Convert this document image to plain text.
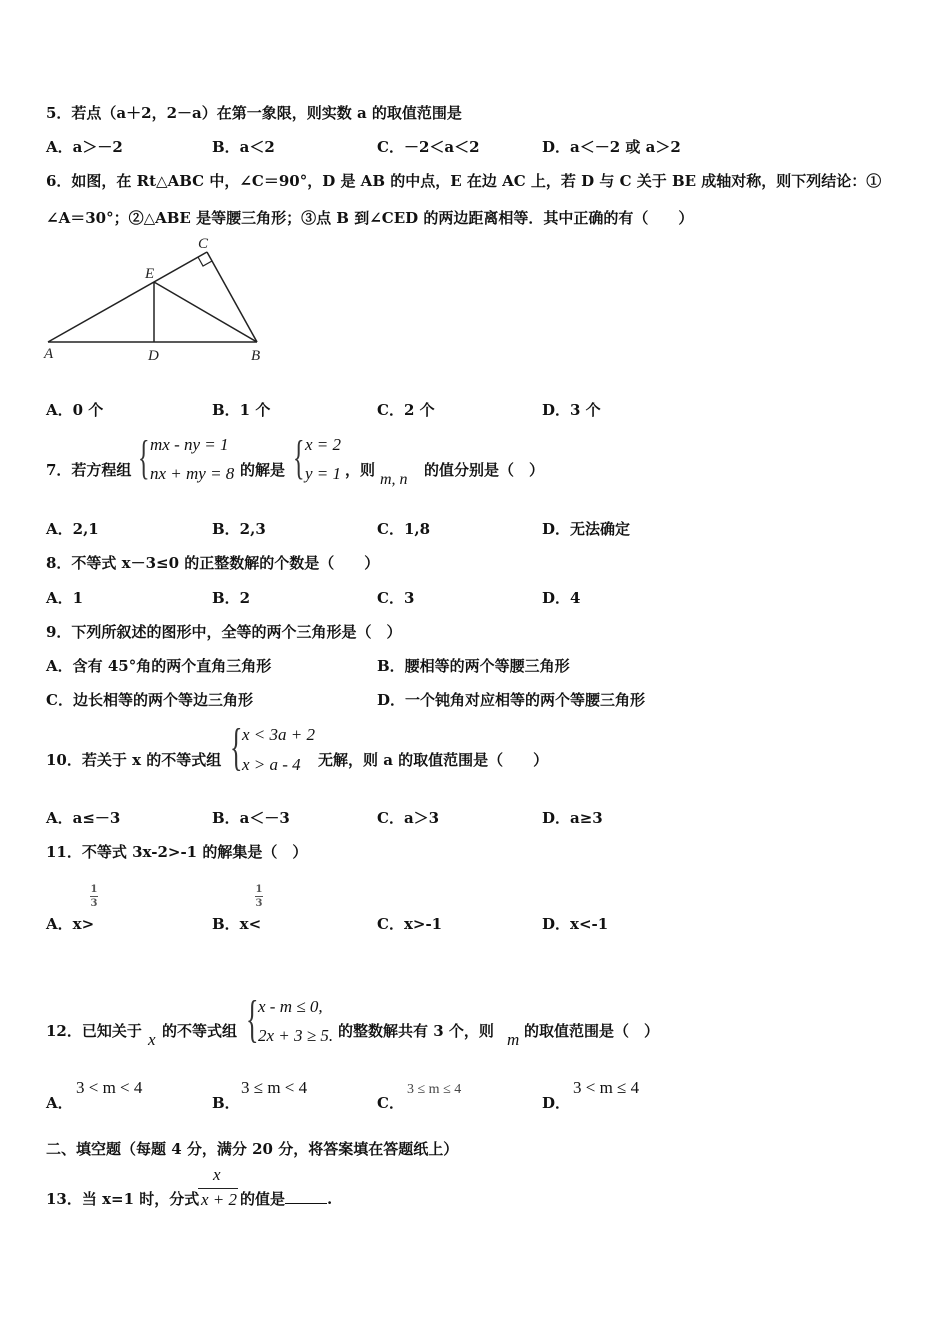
5．若点（a＋2，2－a）在第一象限，则实数 a 的取值范围是
A．a＞－2	B．a＜2	C．－2＜a＜2	D．a＜－2 或 a＞2
6．如图，在 Rt△ABC 中，∠C＝90°，D 是 AB 的中点，E 在边 AC 上，若 D 与 C 关于 BE 成轴对称，则下列结论：①
∠A＝30°；②△ABE 是等腰三角形；③点 B 到∠CED 的两边距离相等．其中正确的有（　　）
C
E
A	D	B
A．0 个	B．1 个	C．2 个	D．3 个
7．若方程组 { mx - ny = 1
nx + my = 8 的解是 { x = 2
y = 1 ，则
m, n
的值分别是（　）
A．2,1	B．2,3	C．1,8	D．无法确定
8．不等式 x－3≤0 的正整数解的个数是（　　）
A．1	B．2	C．3	D．4
9．下列所叙述的图形中，全等的两个三角形是（　）
A．含有 45°角的两个直角三角形	B．腰相等的两个等腰三角形
C．边长相等的两个等边三角形	D．一个钝角对应相等的两个等腰三角形
10．若关于 x 的不等式组 { x < 3a + 2
x > a - 4 无解，则 a 的取值范围是（　　）
A．a≤－3	B．a＜－3	C．a＞3	D．a≥3
11．不等式 3x-2>-1 的解集是（　）
1
3
A．x>
1
3
B．x<	C．x>-1	D．x<-1
12．已知关于 x 的不等式组 { x - m ≤ 0,
2x + 3 ≥ 5. 的整数解共有 3 个，则 m 的取值范围是（　）
A．
3 < m < 4
B．
3 ≤ m < 4
C．
3 ≤ m ≤ 4
D．
3 < m ≤ 4
二、填空题（每题 4 分，满分 20 分，将答案填在答题纸上）
13．当 x=1 时，分式
x
x + 2 的值是	.
